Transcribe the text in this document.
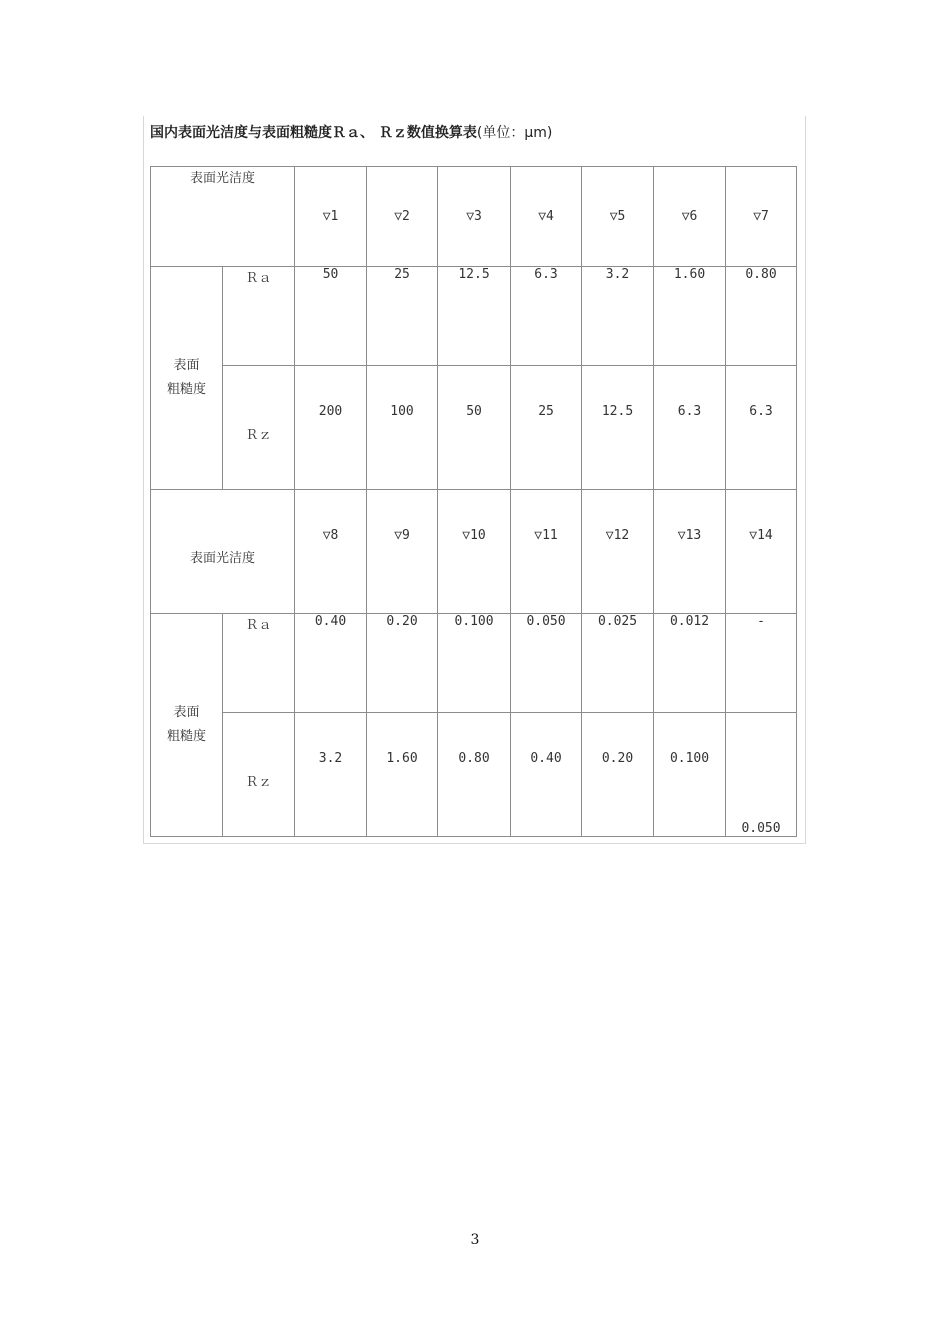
国内表面光洁度与表面粗糙度Ｒａ、 Ｒｚ数值换算表(单位：μm)
表面光洁度		▽1	▽2	▽3	▽4	▽5	▽6	▽7
表面
粗糙度	Ｒａ	50	25	12.5	6.3	3.2	1.60	0.80
	Ｒｚ	200	100	50	25	12.5	6.3	6.3
表面光洁度		▽8	▽9	▽10	▽11	▽12	▽13	▽14
表面
粗糙度	Ｒａ	0.40	0.20	0.100	0.050	0.025	0.012	-
	Ｒｚ	3.2	1.60	0.80	0.40	0.20	0.100	0.050
3
